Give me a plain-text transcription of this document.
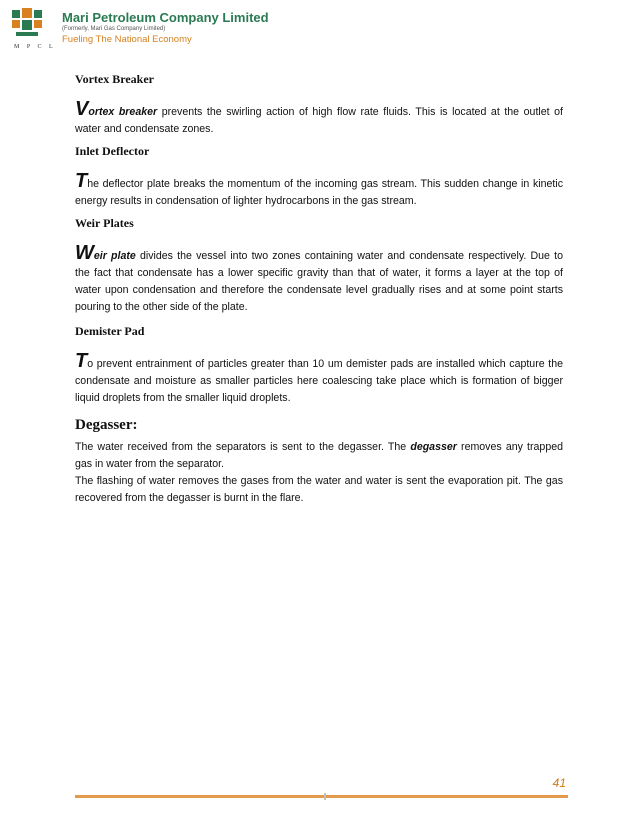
M P C L
Mari Petroleum Company Limited
(Formerly, Mari Gas Company Limited)
Fueling The National Economy

Vortex Breaker

Vortex breaker prevents the swirling action of high flow rate fluids. This is located at the outlet of water and condensate zones.

Inlet Deflector

The deflector plate breaks the momentum of the incoming gas stream. This sudden change in kinetic energy results in condensation of lighter hydrocarbons in the gas stream.

Weir Plates

Weir plate divides the vessel into two zones containing water and condensate respectively. Due to the fact that condensate has a lower specific gravity than that of water, it forms a layer at the top of water upon condensation and therefore the condensate level gradually rises and at some point starts pouring to the other side of the plate.

Demister Pad

To prevent entrainment of particles greater than 10 um demister pads are installed which capture the condensate and moisture as smaller particles here coalescing take place which is formation of bigger liquid droplets from the smaller liquid droplets.

Degasser:

The water received from the separators is sent to the degasser. The degasser removes any trapped gas in water from the separator.

The flashing of water removes the gases from the water and water is sent the evaporation pit. The gas recovered from the degasser is burnt in the flare.

41
